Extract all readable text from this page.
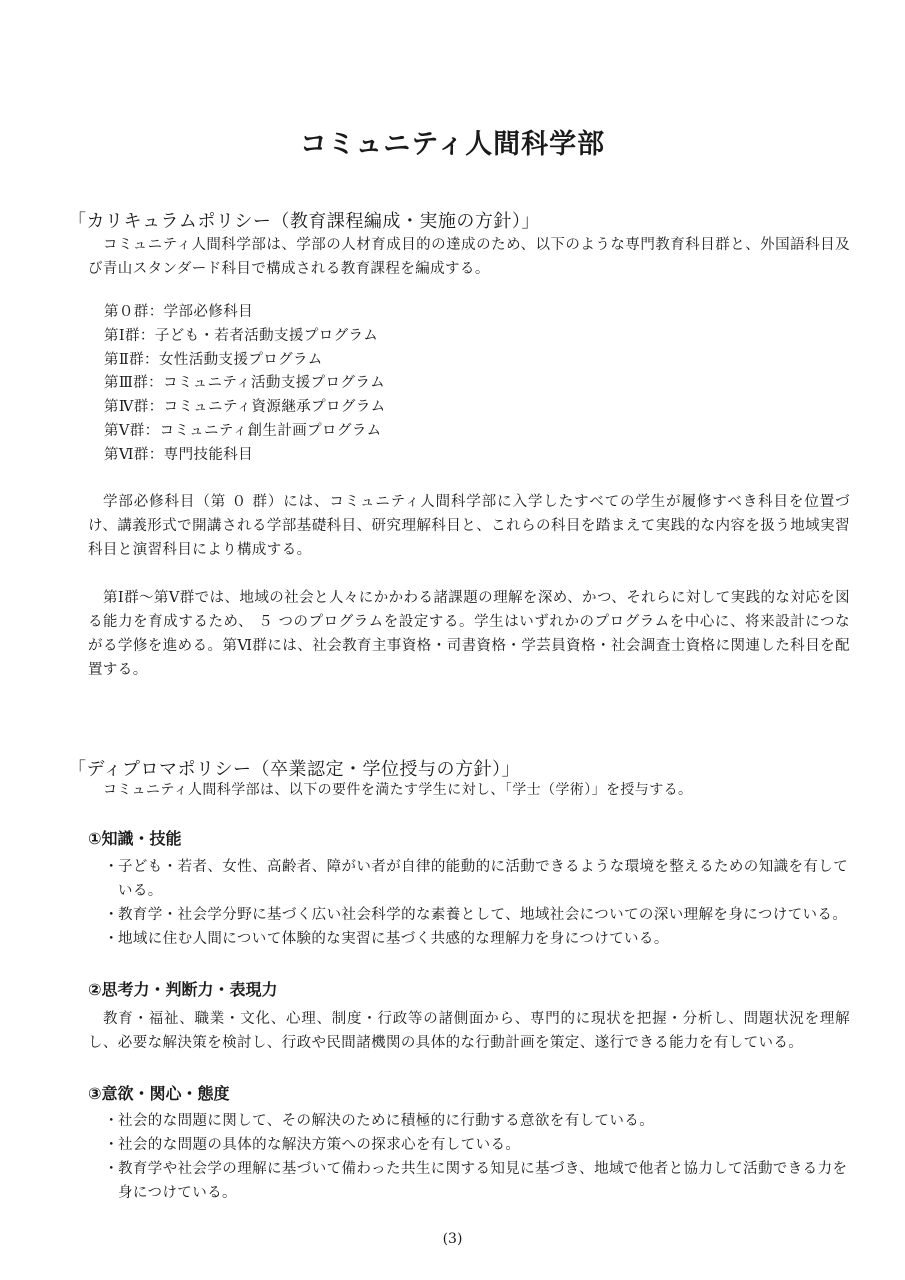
コミュニティ人間科学部
「カリキュラムポリシー（教育課程編成・実施の方針）」

コミュニティ人間科学部は、学部の人材育成目的の達成のため、以下のような専門教育科目群と、外国語科目及び青山スタンダード科目で構成される教育課程を編成する。

第０群：学部必修科目
第Ⅰ群：子ども・若者活動支援プログラム
第Ⅱ群：女性活動支援プログラム
第Ⅲ群：コミュニティ活動支援プログラム
第Ⅳ群：コミュニティ資源継承プログラム
第Ⅴ群：コミュニティ創生計画プログラム
第Ⅵ群：専門技能科目

学部必修科目（第 ０ 群）には、コミュニティ人間科学部に入学したすべての学生が履修すべき科目を位置づけ、講義形式で開講される学部基礎科目、研究理解科目と、これらの科目を踏まえて実践的な内容を扱う地域実習科目と演習科目により構成する。

第Ⅰ群～第Ⅴ群では、地域の社会と人々にかかわる諸課題の理解を深め、かつ、それらに対して実践的な対応を図る能力を育成するため、 ５ つのプログラムを設定する。学生はいずれかのプログラムを中心に、将来設計につながる学修を進める。第Ⅵ群には、社会教育主事資格・司書資格・学芸員資格・社会調査士資格に関連した科目を配置する。

「ディプロマポリシー（卒業認定・学位授与の方針）」

コミュニティ人間科学部は、以下の要件を満たす学生に対し、「学士（学術）」を授与する。

①知識・技能
・子ども・若者、女性、高齢者、障がい者が自律的能動的に活動できるような環境を整えるための知識を有している。
・教育学・社会学分野に基づく広い社会科学的な素養として、地域社会についての深い理解を身につけている。
・地域に住む人間について体験的な実習に基づく共感的な理解力を身につけている。
②思考力・判断力・表現力

教育・福祉、職業・文化、心理、制度・行政等の諸側面から、専門的に現状を把握・分析し、問題状況を理解し、必要な解決策を検討し、行政や民間諸機関の具体的な行動計画を策定、遂行できる能力を有している。

③意欲・関心・態度
・社会的な問題に関して、その解決のために積極的に行動する意欲を有している。
・社会的な問題の具体的な解決方策への探求心を有している。
・教育学や社会学の理解に基づいて備わった共生に関する知見に基づき、地域で他者と協力して活動できる力を身につけている。

(3)
